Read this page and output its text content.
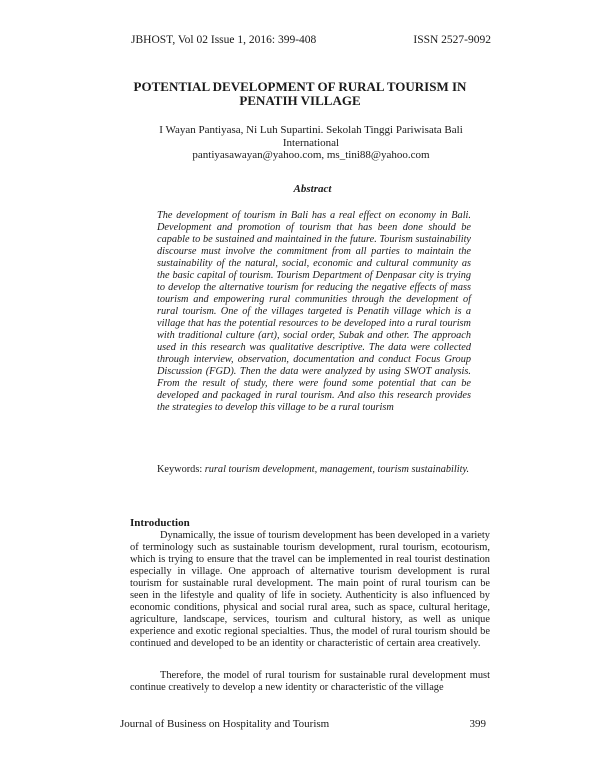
JBHOST, Vol 02 Issue 1, 2016: 399-408	ISSN 2527-9092
POTENTIAL DEVELOPMENT OF RURAL TOURISM IN
PENATIH VILLAGE
I Wayan Pantiyasa, Ni Luh Supartini. Sekolah Tinggi Pariwisata Bali
International
pantiyasawayan@yahoo.com, ms_tini88@yahoo.com
Abstract

The development of tourism in Bali has a real effect on economy in Bali. Development and promotion of tourism that has been done should be capable to be sustained and maintained in the future. Tourism sustainability discourse must involve the commitment from all parties to maintain the sustainability of the natural, social, economic and cultural community as the basic capital of tourism. Tourism Department of Denpasar city is trying to develop the alternative tourism for reducing the negative effects of mass tourism and empowering rural communities through the development of rural tourism. One of the villages targeted is Penatih village which is a village that has the potential resources to be developed into a rural tourism with traditional culture (art), social order, Subak and other. The approach used in this research was qualitative descriptive. The data were collected through interview, observation, documentation and conduct Focus Group Discussion (FGD). Then the data were analyzed by using SWOT analysis. From the result of study, there were found some potential that can be developed and packaged in rural tourism. And also this research provides the strategies to develop this village to be a rural tourism

Keywords: rural tourism development, management, tourism sustainability.

Introduction

Dynamically, the issue of tourism development has been developed in a variety of terminology such as sustainable tourism development, rural tourism, ecotourism, which is trying to ensure that the travel can be implemented in real tourist destination especially in village. One approach of alternative tourism development is rural tourism for sustainable rural development. The main point of rural tourism can be seen in the lifestyle and quality of life in society. Authenticity is also influenced by economic conditions, physical and social rural area, such as space, cultural heritage, agriculture, landscape, services, tourism and cultural history, as well as unique experience and exotic regional specialties. Thus, the model of rural tourism should be continued and developed to be an identity or characteristic of certain area creatively.

Therefore, the model of rural tourism for sustainable rural development must continue creatively to develop a new identity or characteristic of the village

Journal of Business on Hospitality and Tourism	399
